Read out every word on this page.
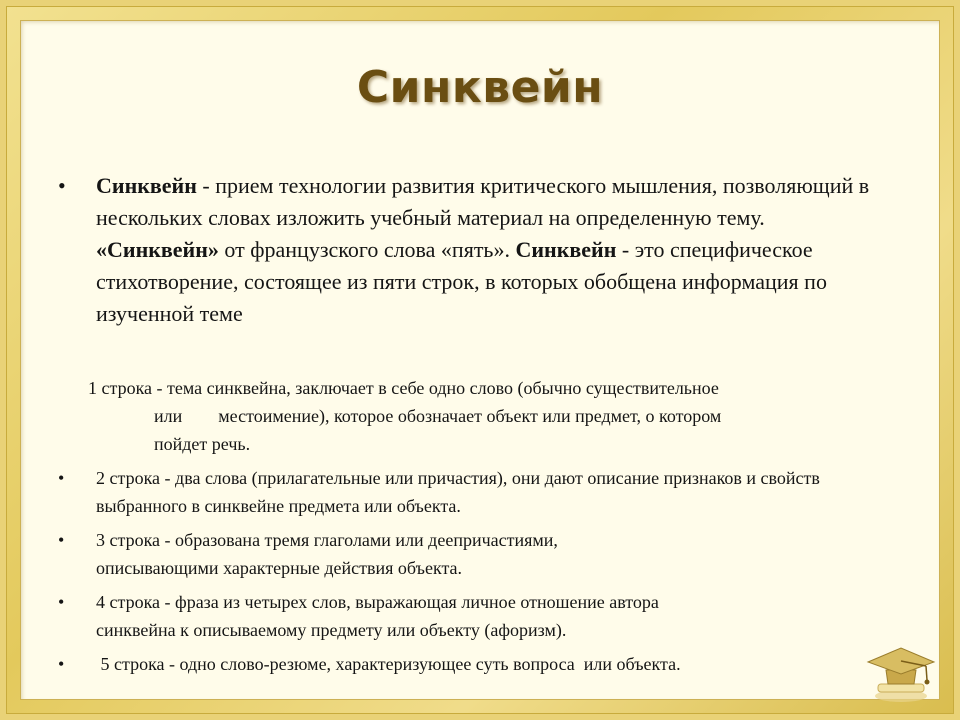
Синквейн
• Синквейн - прием технологии развития критического мышления, позволяющий в нескольких словах изложить учебный материал на определенную тему. «Синквейн» от французского слова «пять». Синквейн - это специфическое стихотворение, состоящее из пяти строк, в которых обобщена информация по изученной теме
1 строка - тема синквейна, заключает в себе одно слово (обычно существительное
или        местоимение), которое обозначает объект или предмет, о котором
пойдет речь.
• 2 строка - два слова (прилагательные или причастия), они дают описание признаков и свойств выбранного в синквейне предмета или объекта.
• 3 строка - образована тремя глаголами или деепричастиями,
описывающими характерные действия объекта.
• 4 строка - фраза из четырех слов, выражающая личное отношение автора
синквейна к описываемому предмету или объекту (афоризм).
• 5 строка - одно слово-резюме, характеризующее суть вопроса  или объекта.
